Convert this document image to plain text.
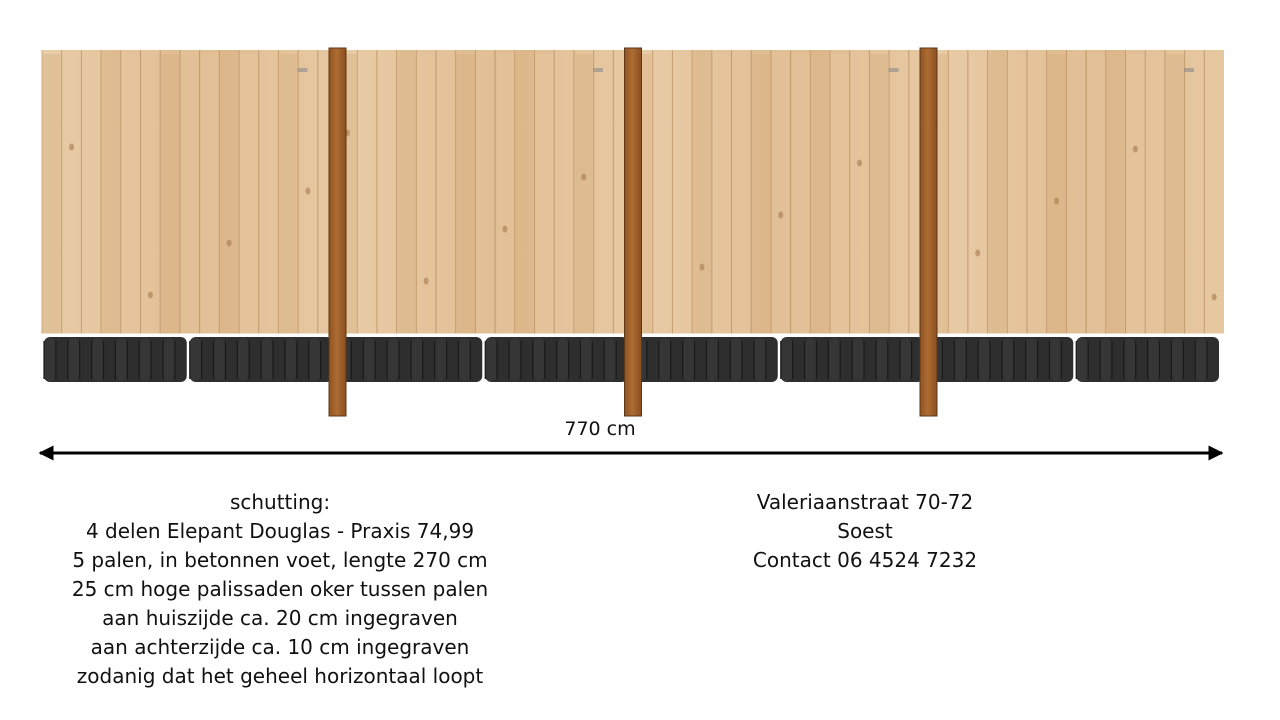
770 cm
schutting:
4 delen Elepant Douglas - Praxis 74,99
5 palen, in betonnen voet, lengte 270 cm
25 cm hoge palissaden oker tussen palen
aan huiszijde ca. 20 cm ingegraven
aan achterzijde ca. 10 cm ingegraven
zodanig dat het geheel horizontaal loopt
Valeriaanstraat 70-72
Soest
Contact 06 4524 7232
